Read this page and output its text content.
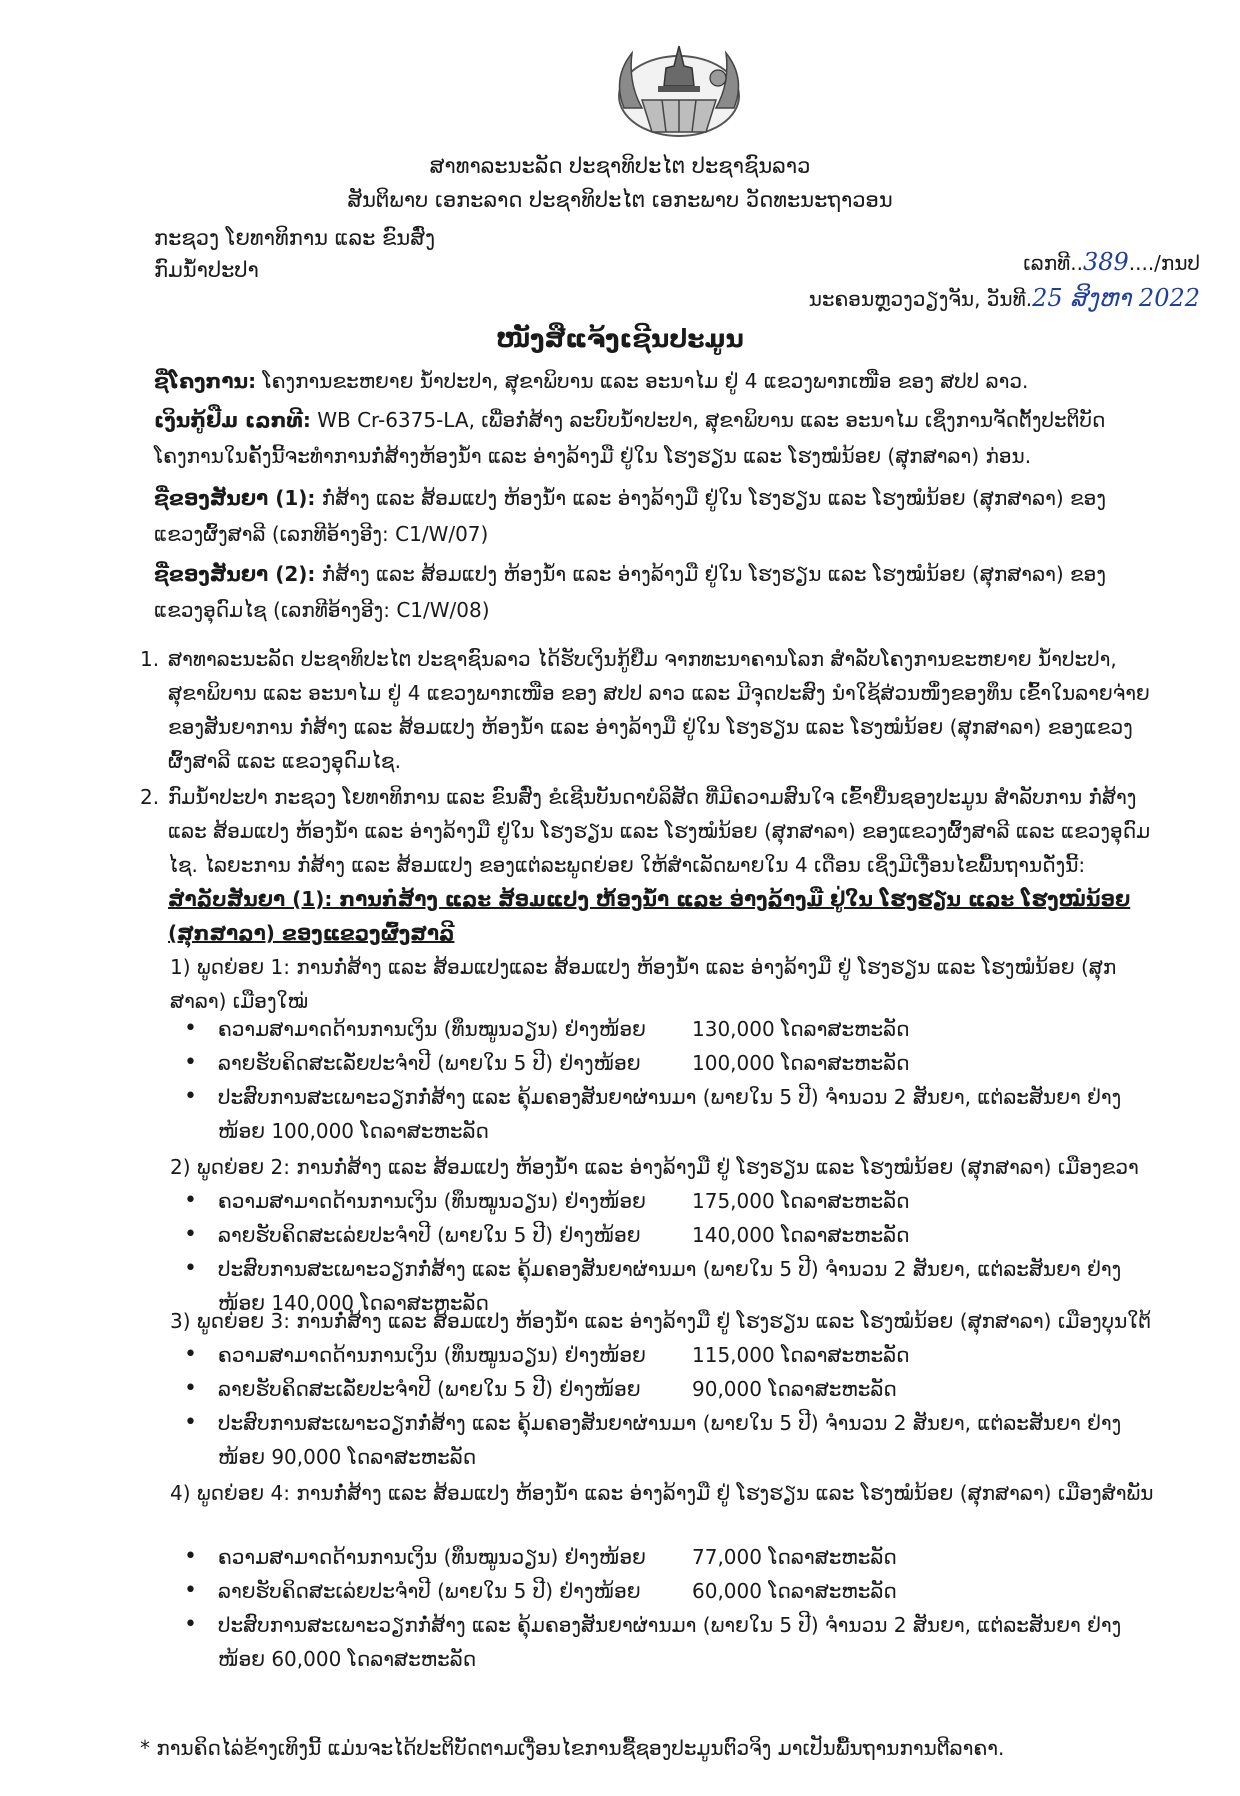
ສາທາລະນະລັດ ປະຊາທິປະໄຕ ປະຊາຊົນລາວ
ສັນຕິພາບ ເອກະລາດ ປະຊາທິປະໄຕ ເອກະພາບ ວັດທະນະຖາວອນ
ກະຊວງ ໂຍທາທິການ ແລະ ຂົນສົ່ງ
ກົມນໍ້າປະປາ	ເລກທີ..389..../ກນປ
ນະຄອນຫຼວງວຽງຈັນ, ວັນທີ.25 ສິງຫາ 2022
ໜັງສືແຈ້ງເຊີນປະມູນ
ຊື່ໂຄງການ: ໂຄງການຂະຫຍາຍ ນໍ້າປະປາ, ສຸຂາພິບານ ແລະ ອະນາໄມ ຢູ່ 4 ແຂວງພາກເໜືອ ຂອງ ສປປ ລາວ.
ເງິນກູ້ຢືມ ເລກທີ: WB Cr-6375-LA, ເພື່ອກໍ່ສ້າງ ລະບົບນໍ້າປະປາ, ສຸຂາພິບານ ແລະ ອະນາໄມ ເຊິ່ງການຈັດຕັ້ງປະຕິບັດໂຄງການໃນຄັ້ງນີ້ຈະທໍາການກໍ່ສ້າງຫ້ອງນໍ້າ ແລະ ອ່າງລ້າງມື ຢູ່ໃນ ໂຮງຮຽນ ແລະ ໂຮງໝໍນ້ອຍ (ສຸກສາລາ) ກ່ອນ.
ຊື່ຂອງສັນຍາ (1): ກໍ່ສ້າງ ແລະ ສ້ອມແປງ ຫ້ອງນໍ້າ ແລະ ອ່າງລ້າງມື ຢູ່ໃນ ໂຮງຮຽນ ແລະ ໂຮງໝໍນ້ອຍ (ສຸກສາລາ) ຂອງແຂວງຜົ້ງສາລີ (ເລກທີອ້າງອີງ: C1/W/07)
ຊື່ຂອງສັນຍາ (2): ກໍ່ສ້າງ ແລະ ສ້ອມແປງ ຫ້ອງນໍ້າ ແລະ ອ່າງລ້າງມື ຢູ່ໃນ ໂຮງຮຽນ ແລະ ໂຮງໝໍນ້ອຍ (ສຸກສາລາ) ຂອງແຂວງອຸດົມໄຊ (ເລກທີອ້າງອີງ: C1/W/08)
1. ສາທາລະນະລັດ ປະຊາທິປະໄຕ ປະຊາຊົນລາວ ໄດ້ຮັບເງິນກູ້ຢືມ ຈາກທະນາຄານໂລກ ສໍາລັບໂຄງການຂະຫຍາຍ ນໍ້າປະປາ, ສຸຂາພິບານ ແລະ ອະນາໄມ ຢູ່ 4 ແຂວງພາກເໜືອ ຂອງ ສປປ ລາວ ແລະ ມີຈຸດປະສົງ ນໍາໃຊ້ສ່ວນໜຶ່ງຂອງທຶນ ເຂົ້າໃນລາຍຈ່າຍຂອງສັນຍາການ ກໍ່ສ້າງ ແລະ ສ້ອມແປງ ຫ້ອງນໍ້າ ແລະ ອ່າງລ້າງມື ຢູ່ໃນ ໂຮງຮຽນ ແລະ ໂຮງໝໍນ້ອຍ (ສຸກສາລາ) ຂອງແຂວງຜົ້ງສາລີ ແລະ ແຂວງອຸດົມໄຊ.
2. ກົມນໍ້າປະປາ ກະຊວງ ໂຍທາທິການ ແລະ ຂົນສົ່ງ ຂໍເຊີນບັນດາບໍລິສັດ ທີ່ມີຄວາມສົນໃຈ ເຂົ້າຍື່ນຊອງປະມູນ ສໍາລັບການ ກໍ່ສ້າງ ແລະ ສ້ອມແປງ ຫ້ອງນໍ້າ ແລະ ອ່າງລ້າງມື ຢູ່ໃນ ໂຮງຮຽນ ແລະ ໂຮງໝໍນ້ອຍ (ສຸກສາລາ) ຂອງແຂວງຜົ້ງສາລີ ແລະ ແຂວງອຸດົມໄຊ. ໄລຍະການ ກໍ່ສ້າງ ແລະ ສ້ອມແປງ ຂອງແຕ່ລະພູດຍ່ອຍ ໃຫ້ສໍາເລັດພາຍໃນ 4 ເດືອນ ເຊິ່ງມີເງື່ອນໄຂພື້ນຖານດັ່ງນີ້:
ສໍາລັບສັນຍາ (1): ການກໍ່ສ້າງ ແລະ ສ້ອມແປງ ຫ້ອງນໍ້າ ແລະ ອ່າງລ້າງມື ຢູ່ໃນ ໂຮງຮຽນ ແລະ ໂຮງໝໍນ້ອຍ (ສຸກສາລາ) ຂອງແຂວງຜົ້ງສາລີ
1) ພູດຍ່ອຍ 1: ການກໍ່ສ້າງ ແລະ ສ້ອມແປງແລະ ສ້ອມແປງ ຫ້ອງນໍ້າ ແລະ ອ່າງລ້າງມື ຢູ່ ໂຮງຮຽນ ແລະ ໂຮງໝໍນ້ອຍ (ສຸກສາລາ) ເມືອງໃໝ່
• ຄວາມສາມາດດ້ານການເງິນ (ທຶນໝູນວຽນ) ຢ່າງໜ້ອຍ	130,000 ໂດລາສະຫະລັດ
• ລາຍຮັບຄິດສະເລັ່ຍປະຈໍາປີ (ພາຍໃນ 5 ປີ) ຢ່າງໜ້ອຍ	100,000 ໂດລາສະຫະລັດ
• ປະສົບການສະເພາະວຽກກໍ່ສ້າງ ແລະ ຄຸ້ມຄອງສັນຍາຜ່ານມາ (ພາຍໃນ 5 ປີ) ຈໍານວນ 2 ສັນຍາ, ແຕ່ລະສັນຍາ ຢ່າງໜ້ອຍ 100,000 ໂດລາສະຫະລັດ
2) ພູດຍ່ອຍ 2: ການກໍ່ສ້າງ ແລະ ສ້ອມແປງ ຫ້ອງນໍ້າ ແລະ ອ່າງລ້າງມື ຢູ່ ໂຮງຮຽນ ແລະ ໂຮງໝໍນ້ອຍ (ສຸກສາລາ) ເມືອງຂວາ
• ຄວາມສາມາດດ້ານການເງິນ (ທຶນໝູນວຽນ) ຢ່າງໜ້ອຍ	175,000 ໂດລາສະຫະລັດ
• ລາຍຮັບຄິດສະເລ່ຍປະຈໍາປີ (ພາຍໃນ 5 ປີ) ຢ່າງໜ້ອຍ	140,000 ໂດລາສະຫະລັດ
• ປະສົບການສະເພາະວຽກກໍ່ສ້າງ ແລະ ຄຸ້ມຄອງສັນຍາຜ່ານມາ (ພາຍໃນ 5 ປີ) ຈໍານວນ 2 ສັນຍາ, ແຕ່ລະສັນຍາ ຢ່າງໜ້ອຍ 140,000 ໂດລາສະຫະລັດ
3) ພູດຍ່ອຍ 3: ການກໍ່ສ້າງ ແລະ ສ້ອມແປງ ຫ້ອງນໍ້າ ແລະ ອ່າງລ້າງມື ຢູ່ ໂຮງຮຽນ ແລະ ໂຮງໝໍນ້ອຍ (ສຸກສາລາ) ເມືອງບຸນໃຕ້
• ຄວາມສາມາດດ້ານການເງິນ (ທຶນໝູນວຽນ) ຢ່າງໜ້ອຍ	115,000 ໂດລາສະຫະລັດ
• ລາຍຮັບຄິດສະເລັ່ຍປະຈໍາປີ (ພາຍໃນ 5 ປີ) ຢ່າງໜ້ອຍ	90,000 ໂດລາສະຫະລັດ
• ປະສົບການສະເພາະວຽກກໍ່ສ້າງ ແລະ ຄຸ້ມຄອງສັນຍາຜ່ານມາ (ພາຍໃນ 5 ປີ) ຈໍານວນ 2 ສັນຍາ, ແຕ່ລະສັນຍາ ຢ່າງໜ້ອຍ 90,000 ໂດລາສະຫະລັດ
4) ພູດຍ່ອຍ 4: ການກໍ່ສ້າງ ແລະ ສ້ອມແປງ ຫ້ອງນໍ້າ ແລະ ອ່າງລ້າງມື ຢູ່ ໂຮງຮຽນ ແລະ ໂຮງໝໍນ້ອຍ (ສຸກສາລາ) ເມືອງສໍາພັນ
• ຄວາມສາມາດດ້ານການເງິນ (ທຶນໝູນວຽນ) ຢ່າງໜ້ອຍ	77,000 ໂດລາສະຫະລັດ
• ລາຍຮັບຄິດສະເລ່ຍປະຈໍາປີ (ພາຍໃນ 5 ປີ) ຢ່າງໜ້ອຍ	60,000 ໂດລາສະຫະລັດ
• ປະສົບການສະເພາະວຽກກໍ່ສ້າງ ແລະ ຄຸ້ມຄອງສັນຍາຜ່ານມາ (ພາຍໃນ 5 ປີ) ຈໍານວນ 2 ສັນຍາ, ແຕ່ລະສັນຍາ ຢ່າງໜ້ອຍ 60,000 ໂດລາສະຫະລັດ
* ການຄິດໄລ່ຂ້າງເທິງນີ້ ແມ່ນຈະໄດ້ປະຕິບັດຕາມເງື່ອນໄຂການຊື້ຊອງປະມູນຕົວຈິງ ມາເປັນພື້ນຖານການຕີລາຄາ.
